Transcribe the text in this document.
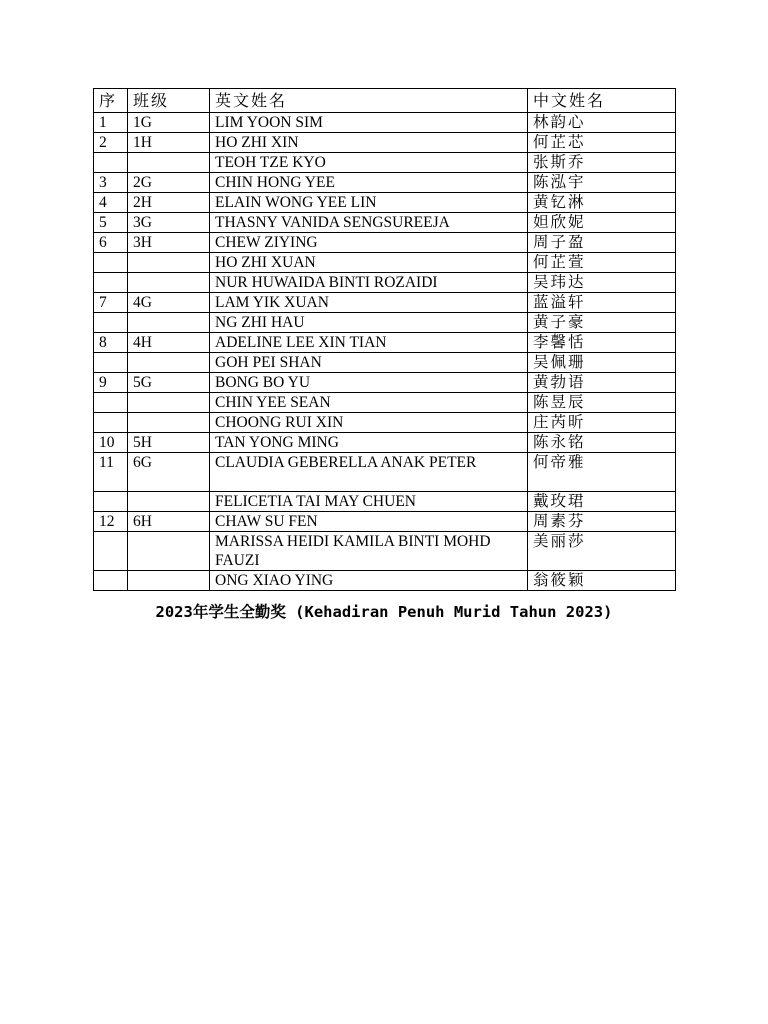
序	班级	英文姓名	中文姓名
1	1G	LIM YOON SIM	林韵心
2	1H	HO ZHI XIN	何芷芯
		TEOH TZE KYO	张斯乔
3	2G	CHIN HONG YEE	陈泓宇
4	2H	ELAIN WONG YEE LIN	黄钇淋
5	3G	THASNY VANIDA SENGSUREEJA	妲欣妮
6	3H	CHEW ZIYING	周子盈
		HO ZHI XUAN	何芷萱
		NUR HUWAIDA BINTI ROZAIDI	吴玮达
7	4G	LAM YIK XUAN	蓝溢轩
		NG ZHI HAU	黄子豪
8	4H	ADELINE LEE XIN TIAN	李馨恬
		GOH PEI SHAN	吴佩珊
9	5G	BONG BO YU	黄勃语
		CHIN YEE SEAN	陈昱辰
		CHOONG RUI XIN	庄芮昕
10	5H	TAN YONG MING	陈永铭
11	6G	CLAUDIA GEBERELLA ANAK PETER	何帝雅
		FELICETIA TAI MAY CHUEN	戴玫珺
12	6H	CHAW SU FEN	周素芬
		MARISSA HEIDI KAMILA BINTI MOHD FAUZI	美丽莎
		ONG XIAO YING	翁筱颖
2023年学生全勤奖 (Kehadiran Penuh Murid Tahun 2023)
